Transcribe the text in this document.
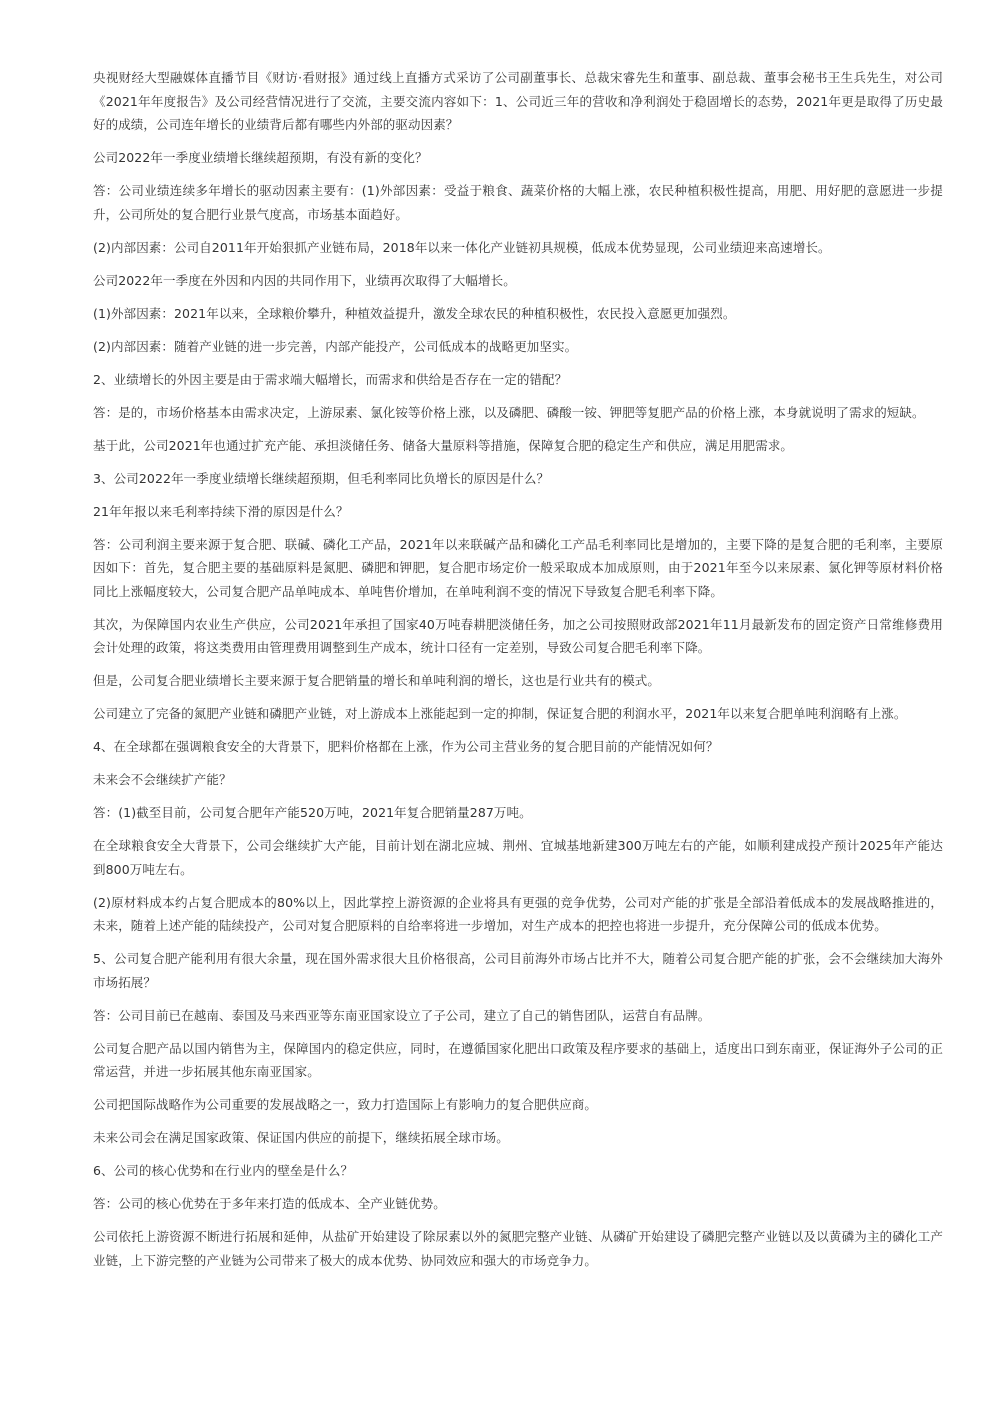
央视财经大型融媒体直播节目《财访·看财报》通过线上直播方式采访了公司副董事长、总裁宋睿先生和董事、副总裁、董事会秘书王生兵先生，对公司《2021年年度报告》及公司经营情况进行了交流，主要交流内容如下：1、公司近三年的营收和净利润处于稳固增长的态势，2021年更是取得了历史最好的成绩，公司连年增长的业绩背后都有哪些内外部的驱动因素？

公司2022年一季度业绩增长继续超预期，有没有新的变化？

答：公司业绩连续多年增长的驱动因素主要有：(1)外部因素：受益于粮食、蔬菜价格的大幅上涨，农民种植积极性提高，用肥、用好肥的意愿进一步提升，公司所处的复合肥行业景气度高，市场基本面趋好。

(2)内部因素：公司自2011年开始狠抓产业链布局，2018年以来一体化产业链初具规模，低成本优势显现，公司业绩迎来高速增长。

公司2022年一季度在外因和内因的共同作用下，业绩再次取得了大幅增长。

(1)外部因素：2021年以来，全球粮价攀升，种植效益提升，激发全球农民的种植积极性，农民投入意愿更加强烈。

(2)内部因素：随着产业链的进一步完善，内部产能投产，公司低成本的战略更加坚实。

2、业绩增长的外因主要是由于需求端大幅增长，而需求和供给是否存在一定的错配？

答：是的，市场价格基本由需求决定，上游尿素、氯化铵等价格上涨，以及磷肥、磷酸一铵、钾肥等复肥产品的价格上涨，本身就说明了需求的短缺。

基于此，公司2021年也通过扩充产能、承担淡储任务、储备大量原料等措施，保障复合肥的稳定生产和供应，满足用肥需求。

3、公司2022年一季度业绩增长继续超预期，但毛利率同比负增长的原因是什么？

21年年报以来毛利率持续下滑的原因是什么？

答：公司利润主要来源于复合肥、联碱、磷化工产品，2021年以来联碱产品和磷化工产品毛利率同比是增加的，主要下降的是复合肥的毛利率，主要原因如下：首先，复合肥主要的基础原料是氮肥、磷肥和钾肥，复合肥市场定价一般采取成本加成原则，由于2021年至今以来尿素、氯化钾等原材料价格同比上涨幅度较大，公司复合肥产品单吨成本、单吨售价增加，在单吨利润不变的情况下导致复合肥毛利率下降。

其次，为保障国内农业生产供应，公司2021年承担了国家40万吨春耕肥淡储任务，加之公司按照财政部2021年11月最新发布的固定资产日常维修费用会计处理的政策，将这类费用由管理费用调整到生产成本，统计口径有一定差别，导致公司复合肥毛利率下降。

但是，公司复合肥业绩增长主要来源于复合肥销量的增长和单吨利润的增长，这也是行业共有的模式。

公司建立了完备的氮肥产业链和磷肥产业链，对上游成本上涨能起到一定的抑制，保证复合肥的利润水平，2021年以来复合肥单吨利润略有上涨。

4、在全球都在强调粮食安全的大背景下，肥料价格都在上涨，作为公司主营业务的复合肥目前的产能情况如何？

未来会不会继续扩产能？

答：(1)截至目前，公司复合肥年产能520万吨，2021年复合肥销量287万吨。

在全球粮食安全大背景下，公司会继续扩大产能，目前计划在湖北应城、荆州、宜城基地新建300万吨左右的产能，如顺利建成投产预计2025年产能达到800万吨左右。

(2)原材料成本约占复合肥成本的80%以上，因此掌控上游资源的企业将具有更强的竞争优势，公司对产能的扩张是全部沿着低成本的发展战略推进的，未来，随着上述产能的陆续投产，公司对复合肥原料的自给率将进一步增加，对生产成本的把控也将进一步提升，充分保障公司的低成本优势。

5、公司复合肥产能利用有很大余量，现在国外需求很大且价格很高，公司目前海外市场占比并不大，随着公司复合肥产能的扩张，会不会继续加大海外市场拓展？

答：公司目前已在越南、泰国及马来西亚等东南亚国家设立了子公司，建立了自己的销售团队，运营自有品牌。

公司复合肥产品以国内销售为主，保障国内的稳定供应，同时，在遵循国家化肥出口政策及程序要求的基础上，适度出口到东南亚，保证海外子公司的正常运营，并进一步拓展其他东南亚国家。

公司把国际战略作为公司重要的发展战略之一，致力打造国际上有影响力的复合肥供应商。

未来公司会在满足国家政策、保证国内供应的前提下，继续拓展全球市场。

6、公司的核心优势和在行业内的壁垒是什么？

答：公司的核心优势在于多年来打造的低成本、全产业链优势。

公司依托上游资源不断进行拓展和延伸，从盐矿开始建设了除尿素以外的氮肥完整产业链、从磷矿开始建设了磷肥完整产业链以及以黄磷为主的磷化工产业链，上下游完整的产业链为公司带来了极大的成本优势、协同效应和强大的市场竞争力。
